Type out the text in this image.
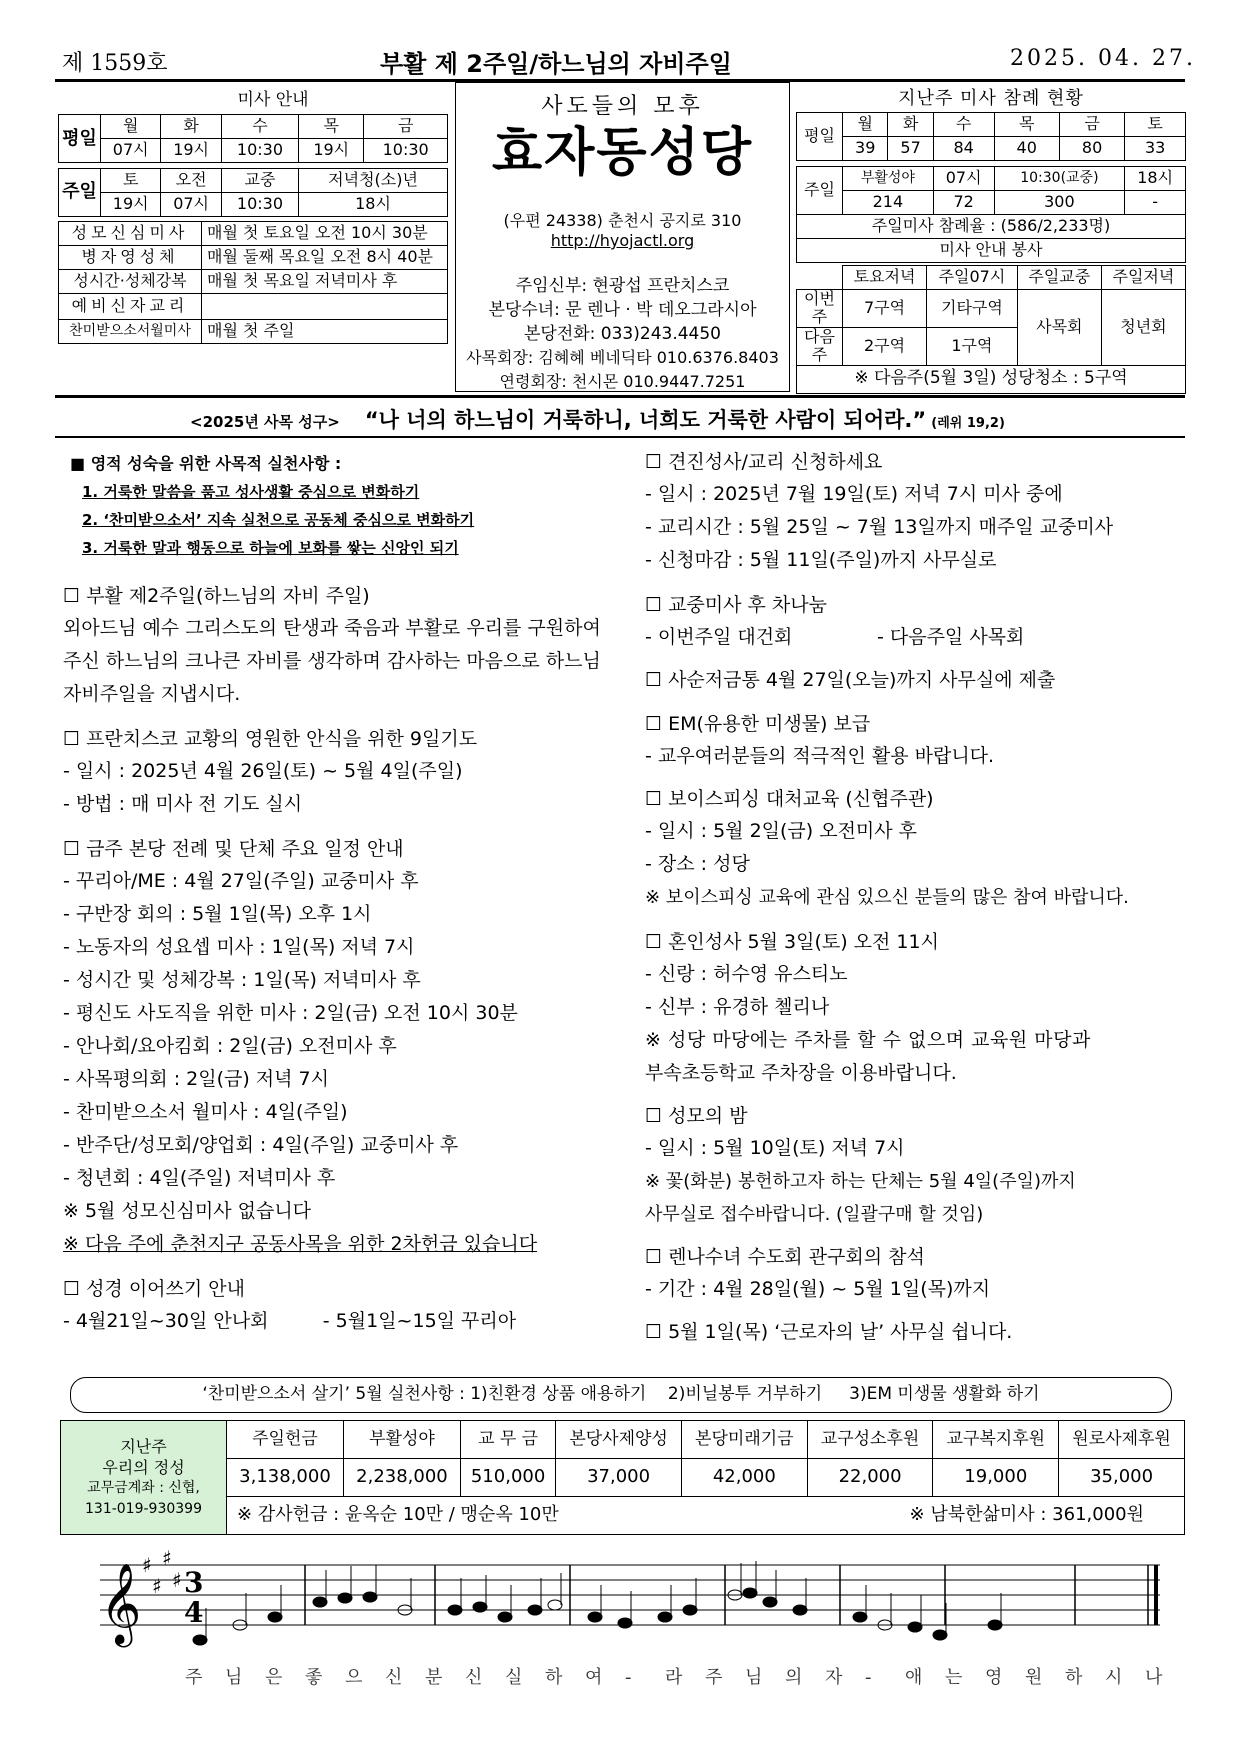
제 1559호	부활 제 2주일/하느님의 자비주일	2025. 04. 27.
미사 안내
평일	월	화	수	목	금
	07시	19시	10:30	19시	10:30

주일	토	오전	교중	저녁청(소)년	
	19시	07시	10:30	18시	
성모신심미사	매월 첫 토요일 오전 10시 30분
병자영성체	매월 둘째 목요일 오전 8시 40분
성시간·성체강복	매월 첫 목요일 저녁미사 후
예비신자교리	
찬미받으소서월미사	매월 첫 주일
사도들의 모후
효자동성당
(우편 24338) 춘천시 공지로 310
http://hyojactl.org
주임신부: 현광섭 프란치스코
본당수녀: 문 렌나 · 박 데오그라시아
본당전화: 033)243.4450
사목회장: 김혜혜 베네딕타 010.6376.8403
연령회장: 천시몬 010.9447.7251
지난주 미사 참례 현황
평일	월	화	수	목	금	토
	39	57	84	40	80	33

주일	부활성야		07시	10:30(교중)		18시
	214		72	300		-
주일미사 참례율 : (586/2,233명)						
미사 안내 봉사						
	토요저녁	주일07시	주일교중	주일저녁
이번주	7구역	기타구역	사목회	청년회
다음주	2구역	1구역		
※ 다음주(5월 3일) 성당청소 : 5구역				
<2025년 사목 성구> “나 너의 하느님이 거룩하니, 너희도 거룩한 사람이 되어라.” (레위 19,2)
■ 영적 성숙을 위한 사목적 실천사항 :
1. 거룩한 말씀을 품고 성사생활 중심으로 변화하기
2. ‘찬미받으소서’ 지속 실천으로 공동체 중심으로 변화하기
3. 거룩한 말과 행동으로 하늘에 보화를 쌓는 신앙인 되기
☐ 부활 제2주일(하느님의 자비 주일)
외아드님 예수 그리스도의 탄생과 죽음과 부활로 우리를 구원하여
주신 하느님의 크나큰 자비를 생각하며 감사하는 마음으로 하느님
자비주일을 지냅시다.
☐ 프란치스코 교황의 영원한 안식을 위한 9일기도
- 일시 : 2025년 4월 26일(토) ~ 5월 4일(주일)
- 방법 : 매 미사 전 기도 실시
☐ 금주 본당 전례 및 단체 주요 일정 안내
- 꾸리아/ME : 4월 27일(주일) 교중미사 후
- 구반장 회의 : 5월 1일(목) 오후 1시
- 노동자의 성요셉 미사 : 1일(목) 저녁 7시
- 성시간 및 성체강복 : 1일(목) 저녁미사 후
- 평신도 사도직을 위한 미사 : 2일(금) 오전 10시 30분
- 안나회/요아킴회 : 2일(금) 오전미사 후
- 사목평의회 : 2일(금) 저녁 7시
- 찬미받으소서 월미사 : 4일(주일)
- 반주단/성모회/양업회 : 4일(주일) 교중미사 후
- 청년회 : 4일(주일) 저녁미사 후
※ 5월 성모신심미사 없습니다
※ 다음 주에 춘천지구 공동사목을 위한 2차헌금 있습니다
☐ 성경 이어쓰기 안내
- 4월21일~30일 안나회         - 5월1일~15일 꾸리아
☐ 견진성사/교리 신청하세요
- 일시 : 2025년 7월 19일(토) 저녁 7시 미사 중에
- 교리시간 : 5월 25일 ~ 7월 13일까지 매주일 교중미사
- 신청마감 : 5월 11일(주일)까지 사무실로
☐ 교중미사 후 차나눔
- 이번주일 대건회              - 다음주일 사목회
☐ 사순저금통 4월 27일(오늘)까지 사무실에 제출
☐ EM(유용한 미생물) 보급
- 교우여러분들의 적극적인 활용 바랍니다.
☐ 보이스피싱 대처교육 (신협주관)
- 일시 : 5월 2일(금) 오전미사 후
- 장소 : 성당
※ 보이스피싱 교육에 관심 있으신 분들의 많은 참여 바랍니다.
☐ 혼인성사 5월 3일(토) 오전 11시
- 신랑 : 허수영 유스티노
- 신부 : 유경하 첼리나
※ 성당 마당에는 주차를 할 수 없으며 교육원 마당과
부속초등학교 주차장을 이용바랍니다.
☐ 성모의 밤
- 일시 : 5월 10일(토) 저녁 7시
※ 꽃(화분) 봉헌하고자 하는 단체는 5월 4일(주일)까지
사무실로 접수바랍니다. (일괄구매 할 것임)
☐ 렌나수녀 수도회 관구회의 참석
- 기간 : 4월 28일(월) ~ 5월 1일(목)까지
☐ 5월 1일(목) ‘근로자의 날’ 사무실 쉽니다.
‘찬미받으소서 살기’ 5월 실천사항 : 1)친환경 상품 애용하기    2)비닐봉투 거부하기     3)EM 미생물 생활화 하기
지난주
우리의 정성
교무금계좌 : 신협,
131-019-930399	주일헌금	부활성야	교 무 금	본당사제양성	본당미래기금	교구성소후원	교구복지후원	원로사제후원
	3,138,000	2,238,000	510,000	37,000	42,000	22,000	19,000	35,000
	※ 감사헌금 : 윤옥순 10만 / 맹순옥 10만 ※ 남북한삶미사 : 361,000원							
𝄞 ♯
♯
♯
♯ 3
4
주 님 은 좋 으 신 분 신 실 하 여 - 라 주 님 의 자 - 애 는 영 원 하 시 나
